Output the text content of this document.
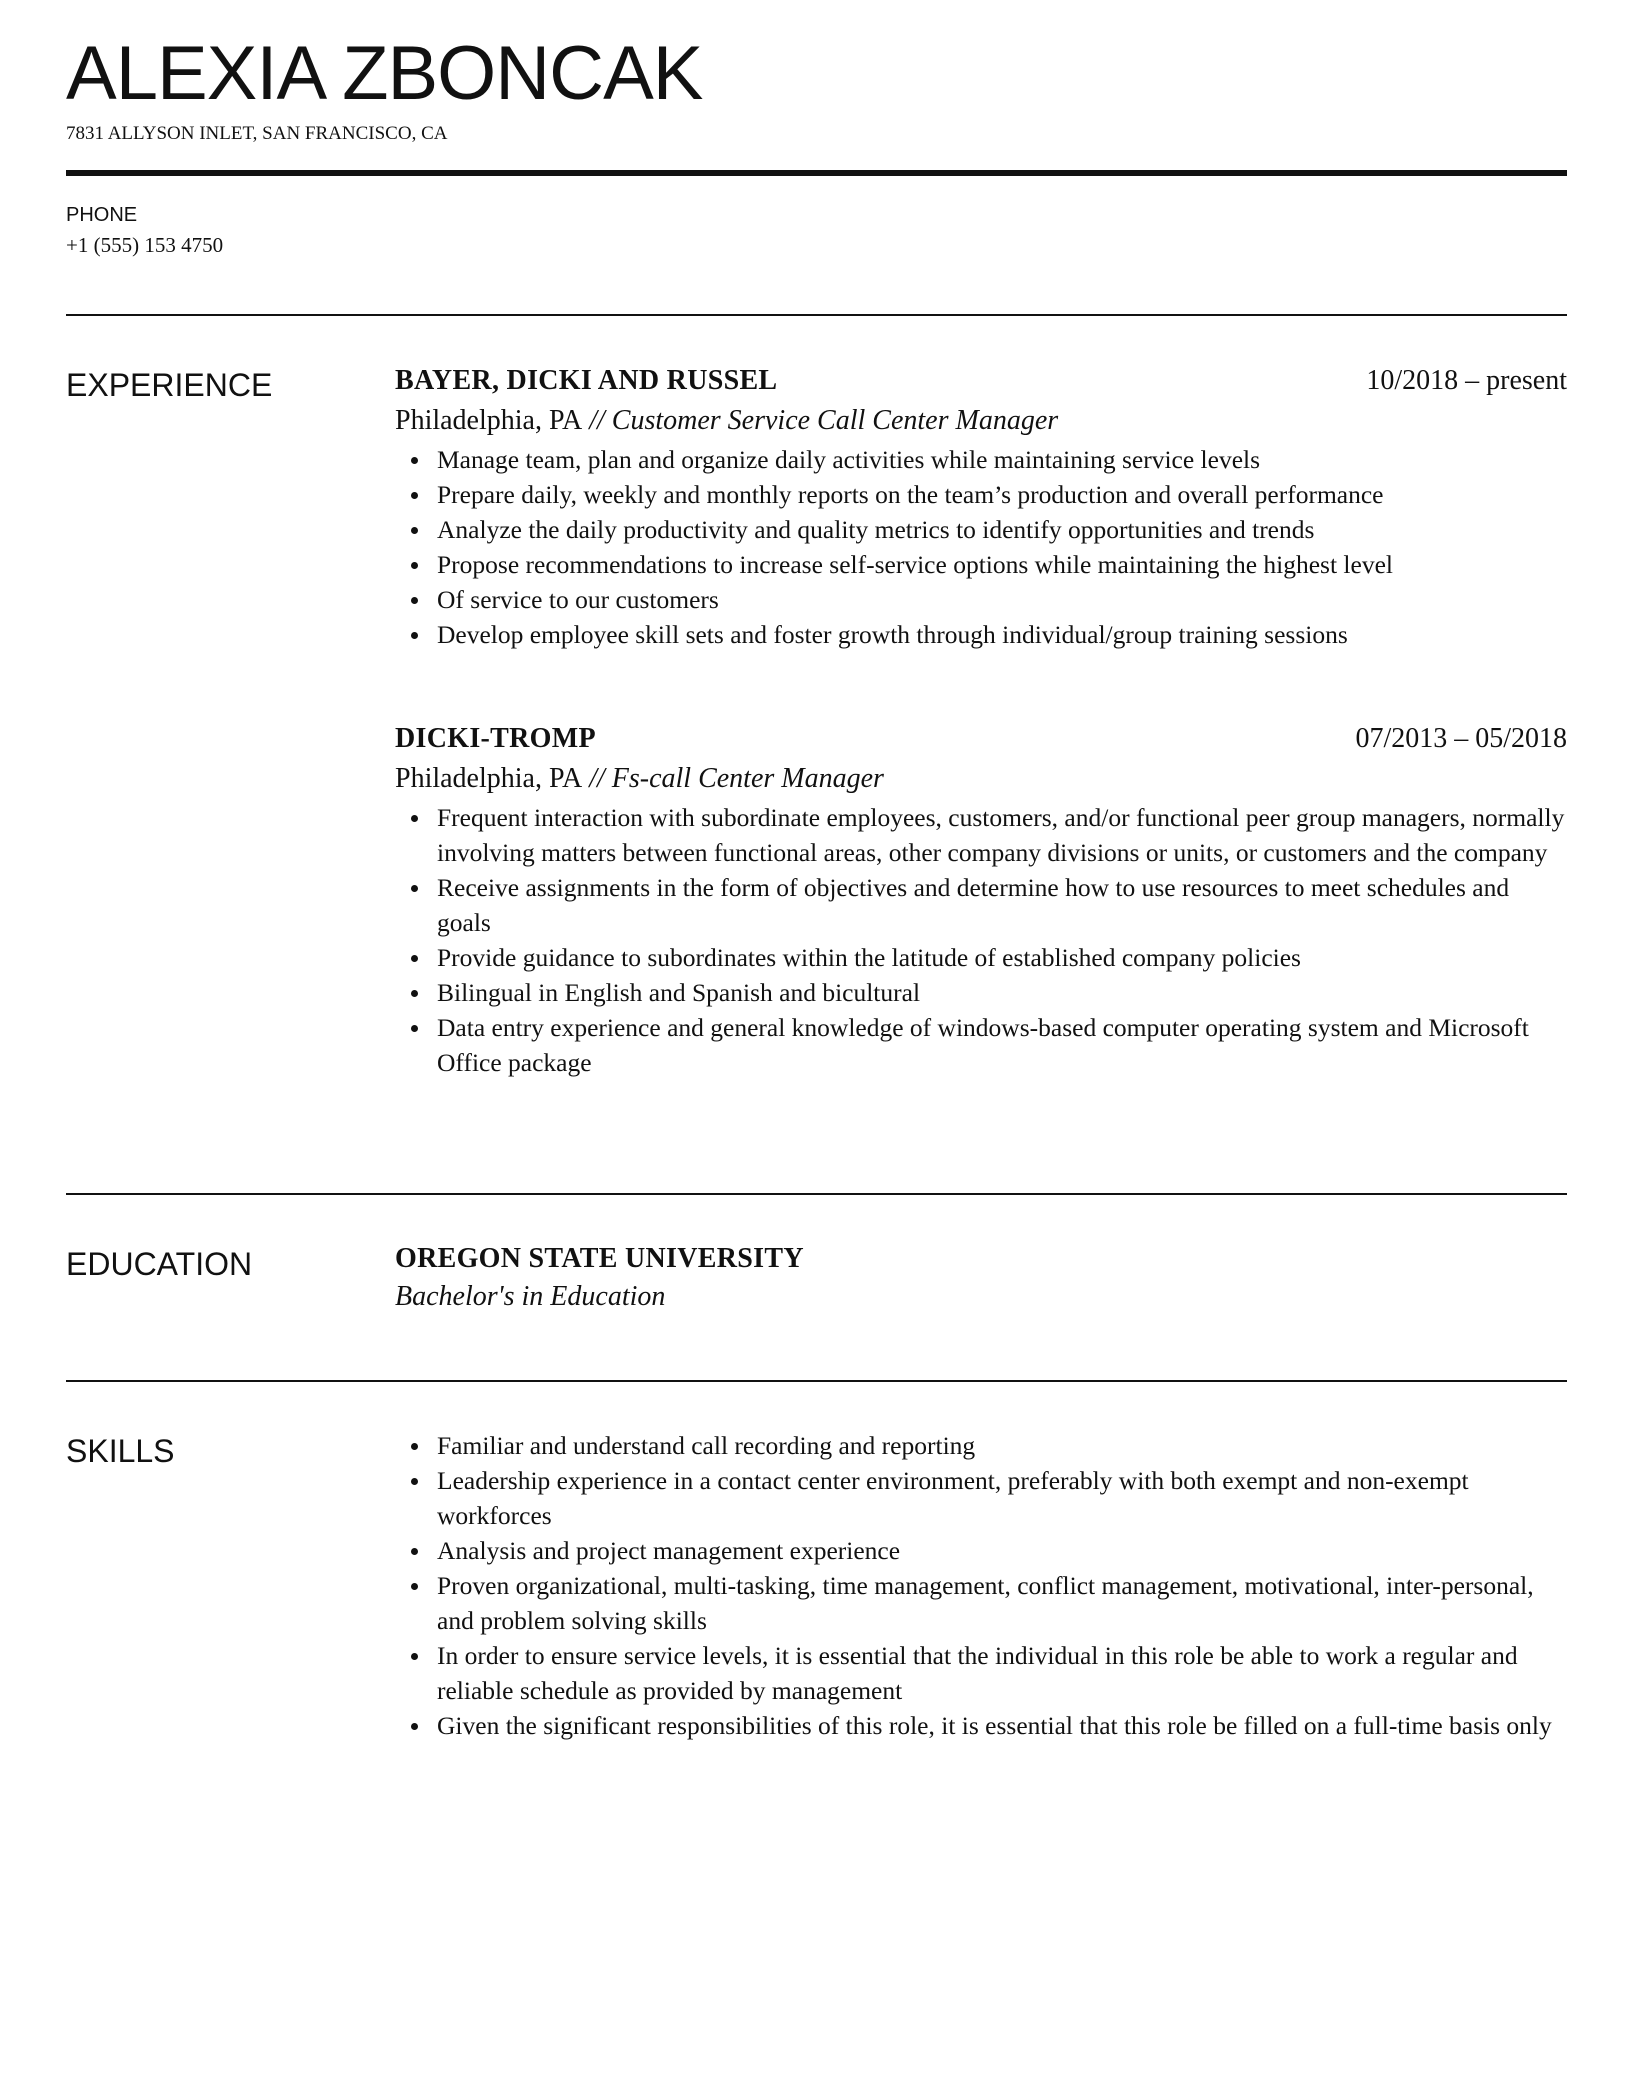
ALEXIA ZBONCAK
7831 ALLYSON INLET, SAN FRANCISCO, CA
PHONE
+1 (555) 153 4750
EXPERIENCE	BAYER, DICKI AND RUSSEL	10/2018 – present
Philadelphia, PA // Customer Service Call Center Manager
Manage team, plan and organize daily activities while maintaining service levels
Prepare daily, weekly and monthly reports on the team’s production and overall performance
Analyze the daily productivity and quality metrics to identify opportunities and trends
Propose recommendations to increase self-service options while maintaining the highest level
Of service to our customers
Develop employee skill sets and foster growth through individual/group training sessions
DICKI-TROMP	07/2013 – 05/2018
Philadelphia, PA // Fs-call Center Manager
Frequent interaction with subordinate employees, customers, and/or functional peer group managers, normally involving matters between functional areas, other company divisions or units, or customers and the company
Receive assignments in the form of objectives and determine how to use resources to meet schedules and goals
Provide guidance to subordinates within the latitude of established company policies
Bilingual in English and Spanish and bicultural
Data entry experience and general knowledge of windows-based computer operating system and Microsoft Office package
EDUCATION	OREGON STATE UNIVERSITY
Bachelor's in Education
SKILLS	Familiar and understand call recording and reporting
Leadership experience in a contact center environment, preferably with both exempt and non-exempt workforces
Analysis and project management experience
Proven organizational, multi-tasking, time management, conflict management, motivational, inter-personal, and problem solving skills
In order to ensure service levels, it is essential that the individual in this role be able to work a regular and reliable schedule as provided by management
Given the significant responsibilities of this role, it is essential that this role be filled on a full-time basis only
